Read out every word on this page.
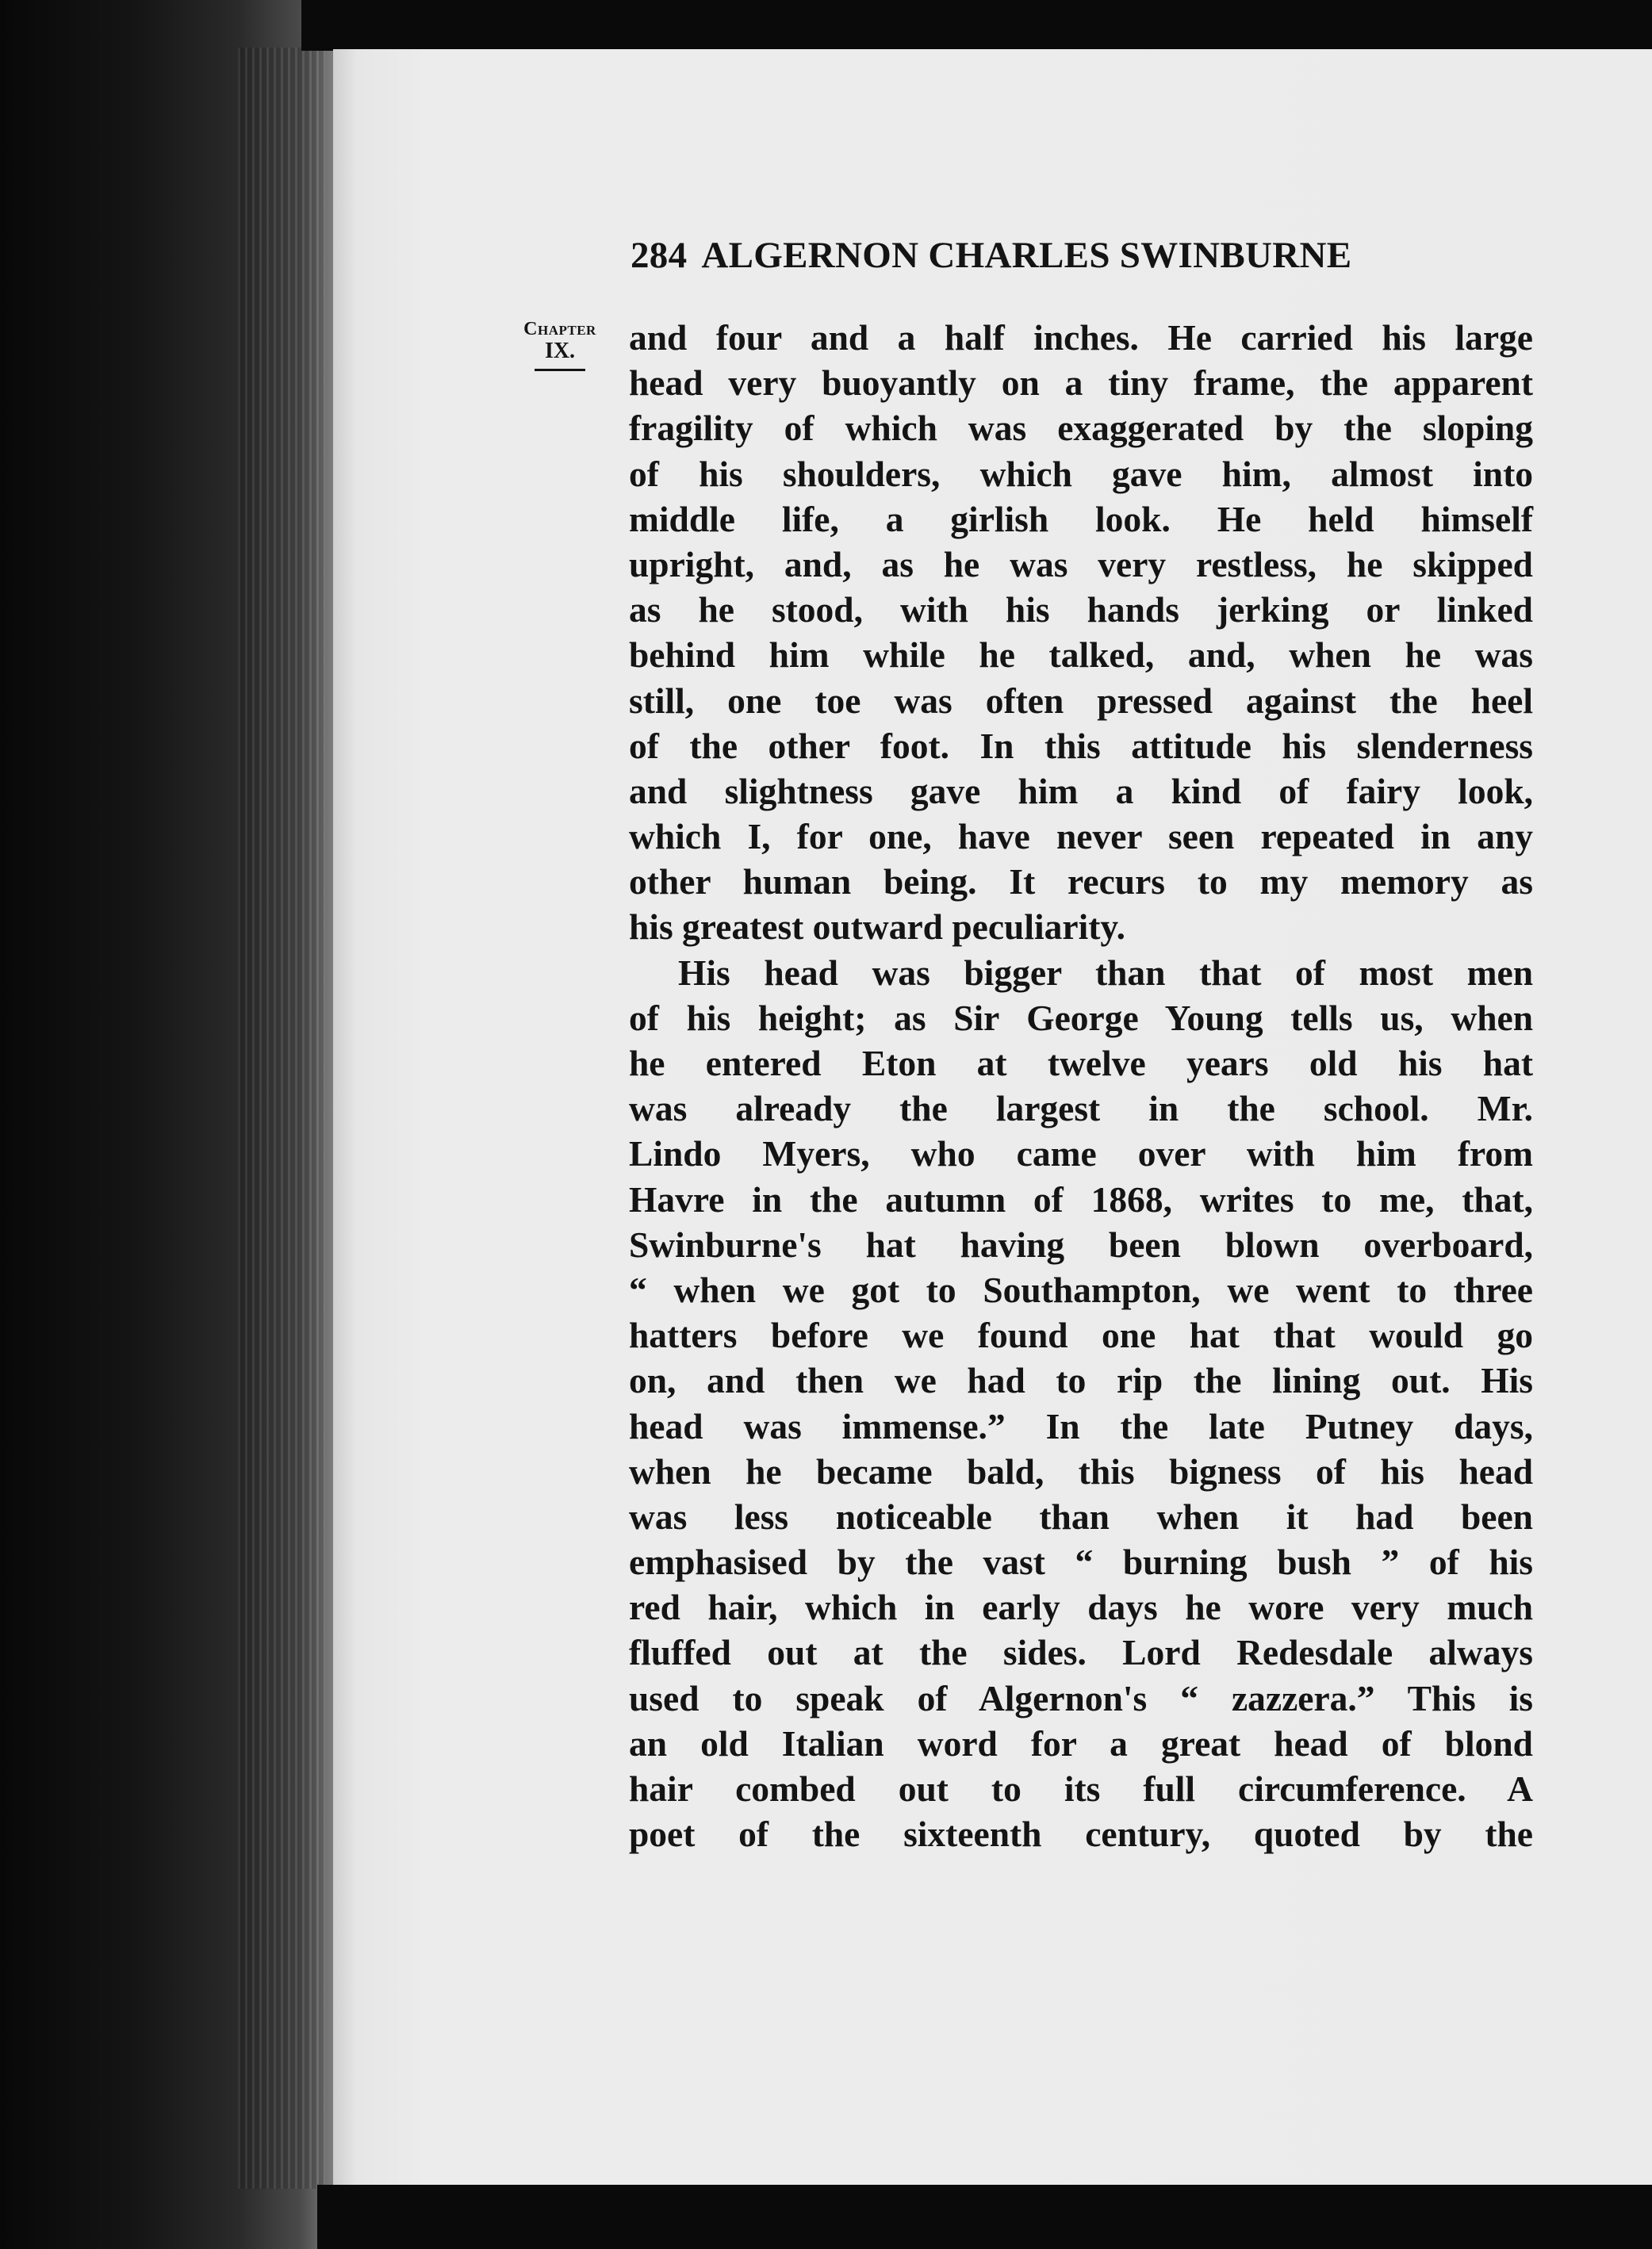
284 ALGERNON CHARLES SWINBURNE
Chapter
IX.	and four and a half inches. He carried his large
head very buoyantly on a tiny frame, the apparent
fragility of which was exaggerated by the sloping
of his shoulders, which gave him, almost into
middle life, a girlish look. He held himself
upright, and, as he was very restless, he skipped
as he stood, with his hands jerking or linked
behind him while he talked, and, when he was
still, one toe was often pressed against the heel
of the other foot. In this attitude his slenderness
and slightness gave him a kind of fairy look,
which I, for one, have never seen repeated in any
other human being. It recurs to my memory as
his greatest outward peculiarity.
His head was bigger than that of most men
of his height; as Sir George Young tells us, when
he entered Eton at twelve years old his hat
was already the largest in the school. Mr.
Lindo Myers, who came over with him from
Havre in the autumn of 1868, writes to me, that,
Swinburne's hat having been blown overboard,
“ when we got to Southampton, we went to three
hatters before we found one hat that would go
on, and then we had to rip the lining out. His
head was immense.” In the late Putney days,
when he became bald, this bigness of his head
was less noticeable than when it had been
emphasised by the vast “ burning bush ” of his
red hair, which in early days he wore very much
fluffed out at the sides. Lord Redesdale always
used to speak of Algernon's “ zazzera.” This is
an old Italian word for a great head of blond
hair combed out to its full circumference. A
poet of the sixteenth century, quoted by the
